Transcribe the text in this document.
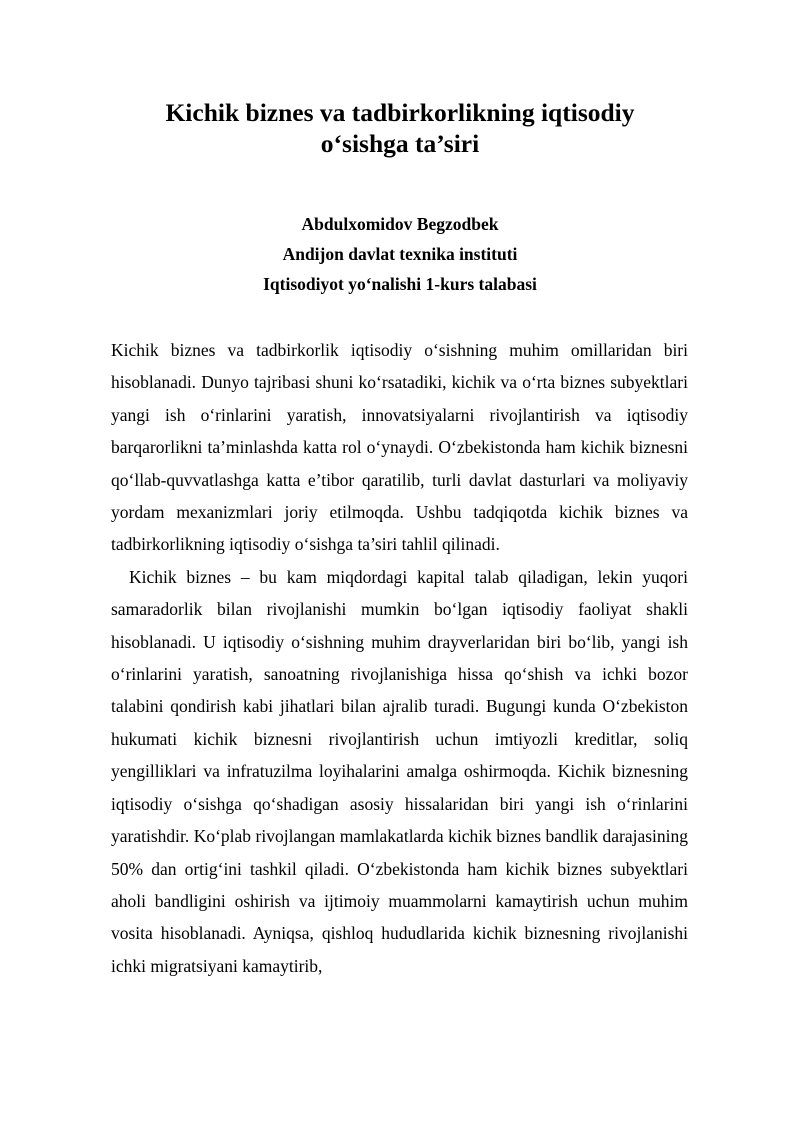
Kichik biznes va tadbirkorlikning iqtisodiy
o‘sishga ta’siri
Abdulxomidov Begzodbek
Andijon davlat texnika instituti
Iqtisodiyot yo‘nalishi 1-kurs talabasi

Kichik biznes va tadbirkorlik iqtisodiy o‘sishning muhim omillaridan biri hisoblanadi. Dunyo tajribasi shuni ko‘rsatadiki, kichik va o‘rta biznes subyektlari yangi ish o‘rinlarini yaratish, innovatsiyalarni rivojlantirish va iqtisodiy barqarorlikni ta’minlashda katta rol o‘ynaydi. O‘zbekistonda ham kichik biznesni qo‘llab-quvvatlashga katta e’tibor qaratilib, turli davlat dasturlari va moliyaviy yordam mexanizmlari joriy etilmoqda. Ushbu tadqiqotda kichik biznes va tadbirkorlikning iqtisodiy o‘sishga ta’siri tahlil qilinadi.

Kichik biznes – bu kam miqdordagi kapital talab qiladigan, lekin yuqori samaradorlik bilan rivojlanishi mumkin bo‘lgan iqtisodiy faoliyat shakli hisoblanadi. U iqtisodiy o‘sishning muhim drayverlaridan biri bo‘lib, yangi ish o‘rinlarini yaratish, sanoatning rivojlanishiga hissa qo‘shish va ichki bozor talabini qondirish kabi jihatlari bilan ajralib turadi. Bugungi kunda O‘zbekiston hukumati kichik biznesni rivojlantirish uchun imtiyozli kreditlar, soliq yengilliklari va infratuzilma loyihalarini amalga oshirmoqda. Kichik biznesning iqtisodiy o‘sishga qo‘shadigan asosiy hissalaridan biri yangi ish o‘rinlarini yaratishdir. Ko‘plab rivojlangan mamlakatlarda kichik biznes bandlik darajasining 50% dan ortig‘ini tashkil qiladi. O‘zbekistonda ham kichik biznes subyektlari aholi bandligini oshirish va ijtimoiy muammolarni kamaytirish uchun muhim vosita hisoblanadi. Ayniqsa, qishloq hududlarida kichik biznesning rivojlanishi ichki migratsiyani kamaytirib,
